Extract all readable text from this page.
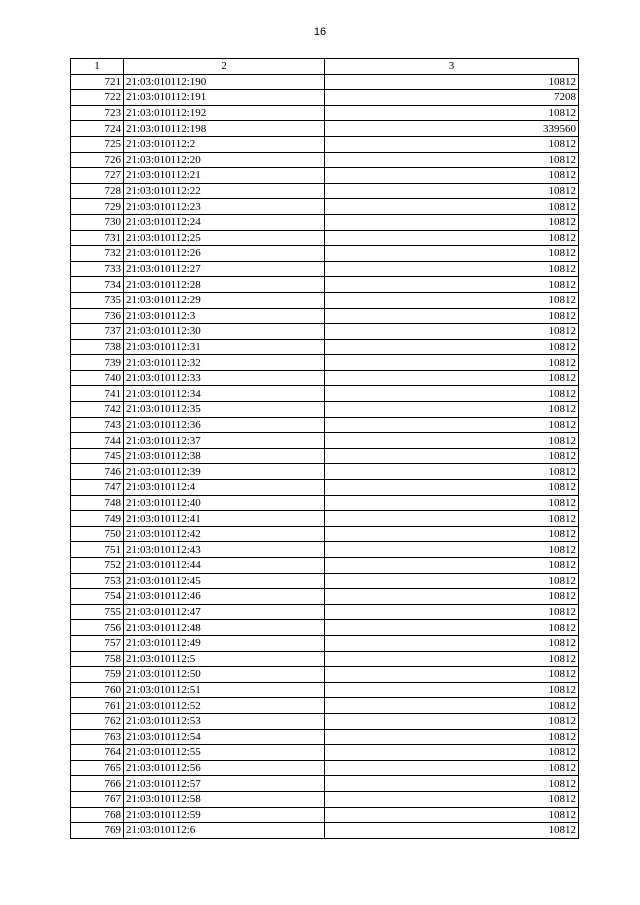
16
1	2	3
721	21:03:010112:190	10812
722	21:03:010112:191	7208
723	21:03:010112:192	10812
724	21:03:010112:198	339560
725	21:03:010112:2	10812
726	21:03:010112:20	10812
727	21:03:010112:21	10812
728	21:03:010112:22	10812
729	21:03:010112:23	10812
730	21:03:010112:24	10812
731	21:03:010112:25	10812
732	21:03:010112:26	10812
733	21:03:010112:27	10812
734	21:03:010112:28	10812
735	21:03:010112:29	10812
736	21:03:010112:3	10812
737	21:03:010112:30	10812
738	21:03:010112:31	10812
739	21:03:010112:32	10812
740	21:03:010112:33	10812
741	21:03:010112:34	10812
742	21:03:010112:35	10812
743	21:03:010112:36	10812
744	21:03:010112:37	10812
745	21:03:010112:38	10812
746	21:03:010112:39	10812
747	21:03:010112:4	10812
748	21:03:010112:40	10812
749	21:03:010112:41	10812
750	21:03:010112:42	10812
751	21:03:010112:43	10812
752	21:03:010112:44	10812
753	21:03:010112:45	10812
754	21:03:010112:46	10812
755	21:03:010112:47	10812
756	21:03:010112:48	10812
757	21:03:010112:49	10812
758	21:03:010112:5	10812
759	21:03:010112:50	10812
760	21:03:010112:51	10812
761	21:03:010112:52	10812
762	21:03:010112:53	10812
763	21:03:010112:54	10812
764	21:03:010112:55	10812
765	21:03:010112:56	10812
766	21:03:010112:57	10812
767	21:03:010112:58	10812
768	21:03:010112:59	10812
769	21:03:010112:6	10812
